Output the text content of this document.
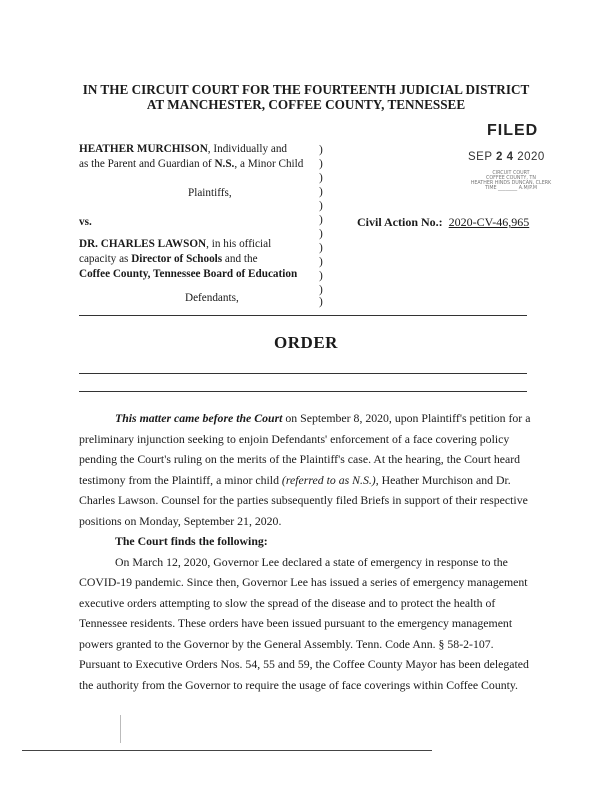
IN THE CIRCUIT COURT FOR THE FOURTEENTH JUDICIAL DISTRICT
AT MANCHESTER, COFFEE COUNTY, TENNESSEE
FILED
SEP 2 4 2020
CIRCUIT COURT
COFFEE COUNTY, TN
HEATHER HINDS DUNCAN, CLERK
TIME ________ A.M/P.M
HEATHER MURCHISON, Individually and
as the Parent and Guardian of N.S., a Minor Child
Plaintiffs,
vs.
DR. CHARLES LAWSON, in his official
capacity as Director of Schools and the
Coffee County, Tennessee Board of Education
Defendants,
)
)
)
)
)
)
)
)
)
)
)
)
Civil Action No.: 2020-CV-46,965
ORDER
This matter came before the Court on September 8, 2020, upon Plaintiff's petition for a
preliminary injunction seeking to enjoin Defendants' enforcement of a face covering policy
pending the Court's ruling on the merits of the Plaintiff's case. At the hearing, the Court heard
testimony from the Plaintiff, a minor child (referred to as N.S.), Heather Murchison and Dr.
Charles Lawson. Counsel for the parties subsequently filed Briefs in support of their respective
positions on Monday, September 21, 2020.
The Court finds the following:
On March 12, 2020, Governor Lee declared a state of emergency in response to the
COVID-19 pandemic. Since then, Governor Lee has issued a series of emergency management
executive orders attempting to slow the spread of the disease and to protect the health of
Tennessee residents. These orders have been issued pursuant to the emergency management
powers granted to the Governor by the General Assembly. Tenn. Code Ann. § 58-2-107.
Pursuant to Executive Orders Nos. 54, 55 and 59, the Coffee County Mayor has been delegated
the authority from the Governor to require the usage of face coverings within Coffee County.
